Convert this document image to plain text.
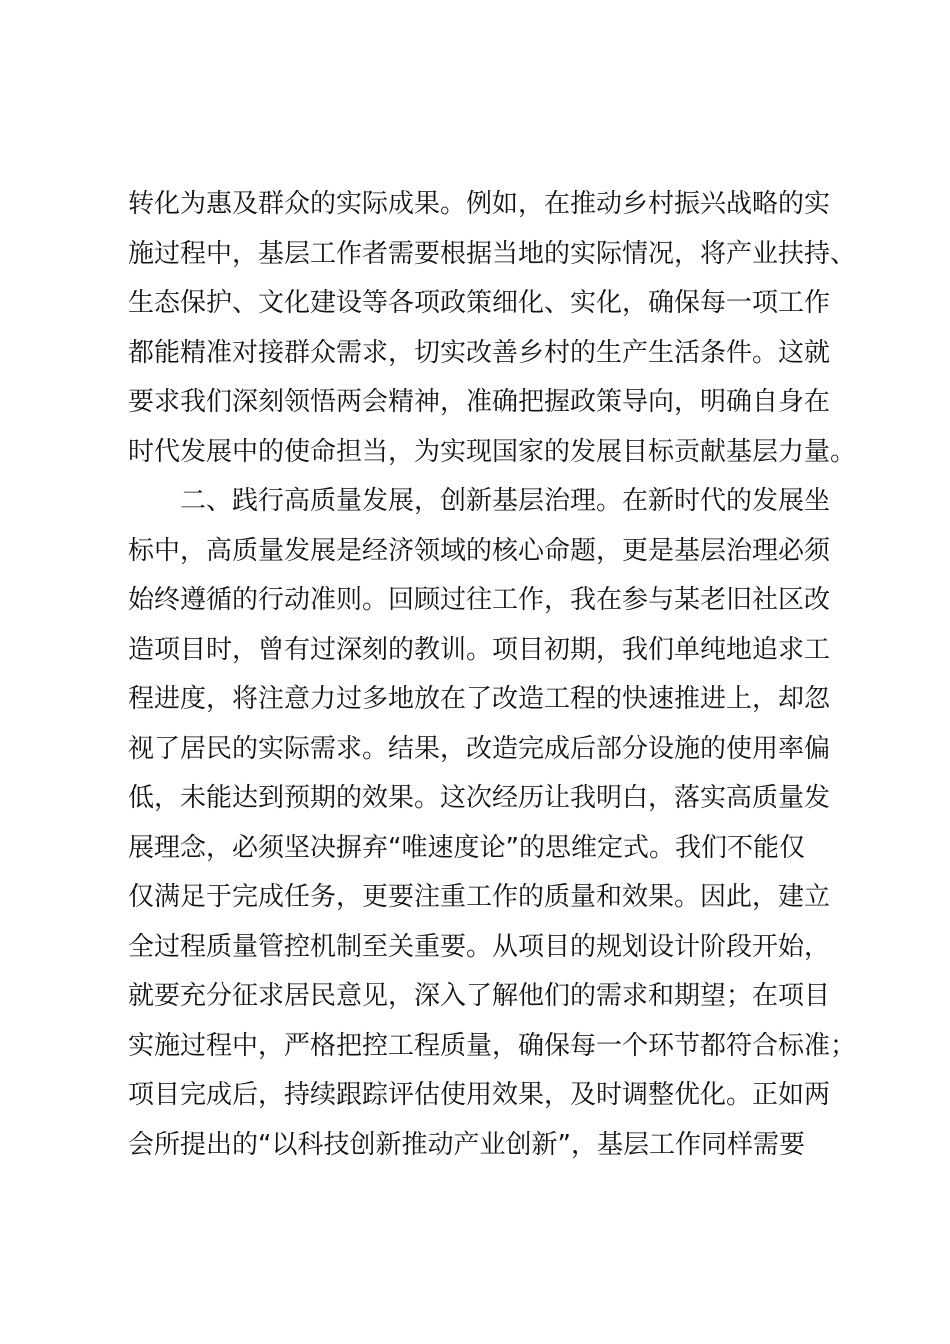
转化为惠及群众的实际成果。例如，在推动乡村振兴战略的实
施过程中，基层工作者需要根据当地的实际情况，将产业扶持、
生态保护、文化建设等各项政策细化、实化，确保每一项工作
都能精准对接群众需求，切实改善乡村的生产生活条件。这就
要求我们深刻领悟两会精神，准确把握政策导向，明确自身在
时代发展中的使命担当，为实现国家的发展目标贡献基层力量。
二、践行高质量发展，创新基层治理。在新时代的发展坐
标中，高质量发展是经济领域的核心命题，更是基层治理必须
始终遵循的行动准则。回顾过往工作，我在参与某老旧社区改
造项目时，曾有过深刻的教训。项目初期，我们单纯地追求工
程进度，将注意力过多地放在了改造工程的快速推进上，却忽
视了居民的实际需求。结果，改造完成后部分设施的使用率偏
低，未能达到预期的效果。这次经历让我明白，落实高质量发
展理念，必须坚决摒弃“唯速度论”的思维定式。我们不能仅
仅满足于完成任务，更要注重工作的质量和效果。因此，建立
全过程质量管控机制至关重要。从项目的规划设计阶段开始，
就要充分征求居民意见，深入了解他们的需求和期望；在项目
实施过程中，严格把控工程质量，确保每一个环节都符合标准；
项目完成后，持续跟踪评估使用效果，及时调整优化。正如两
会所提出的“以科技创新推动产业创新”，基层工作同样需要
